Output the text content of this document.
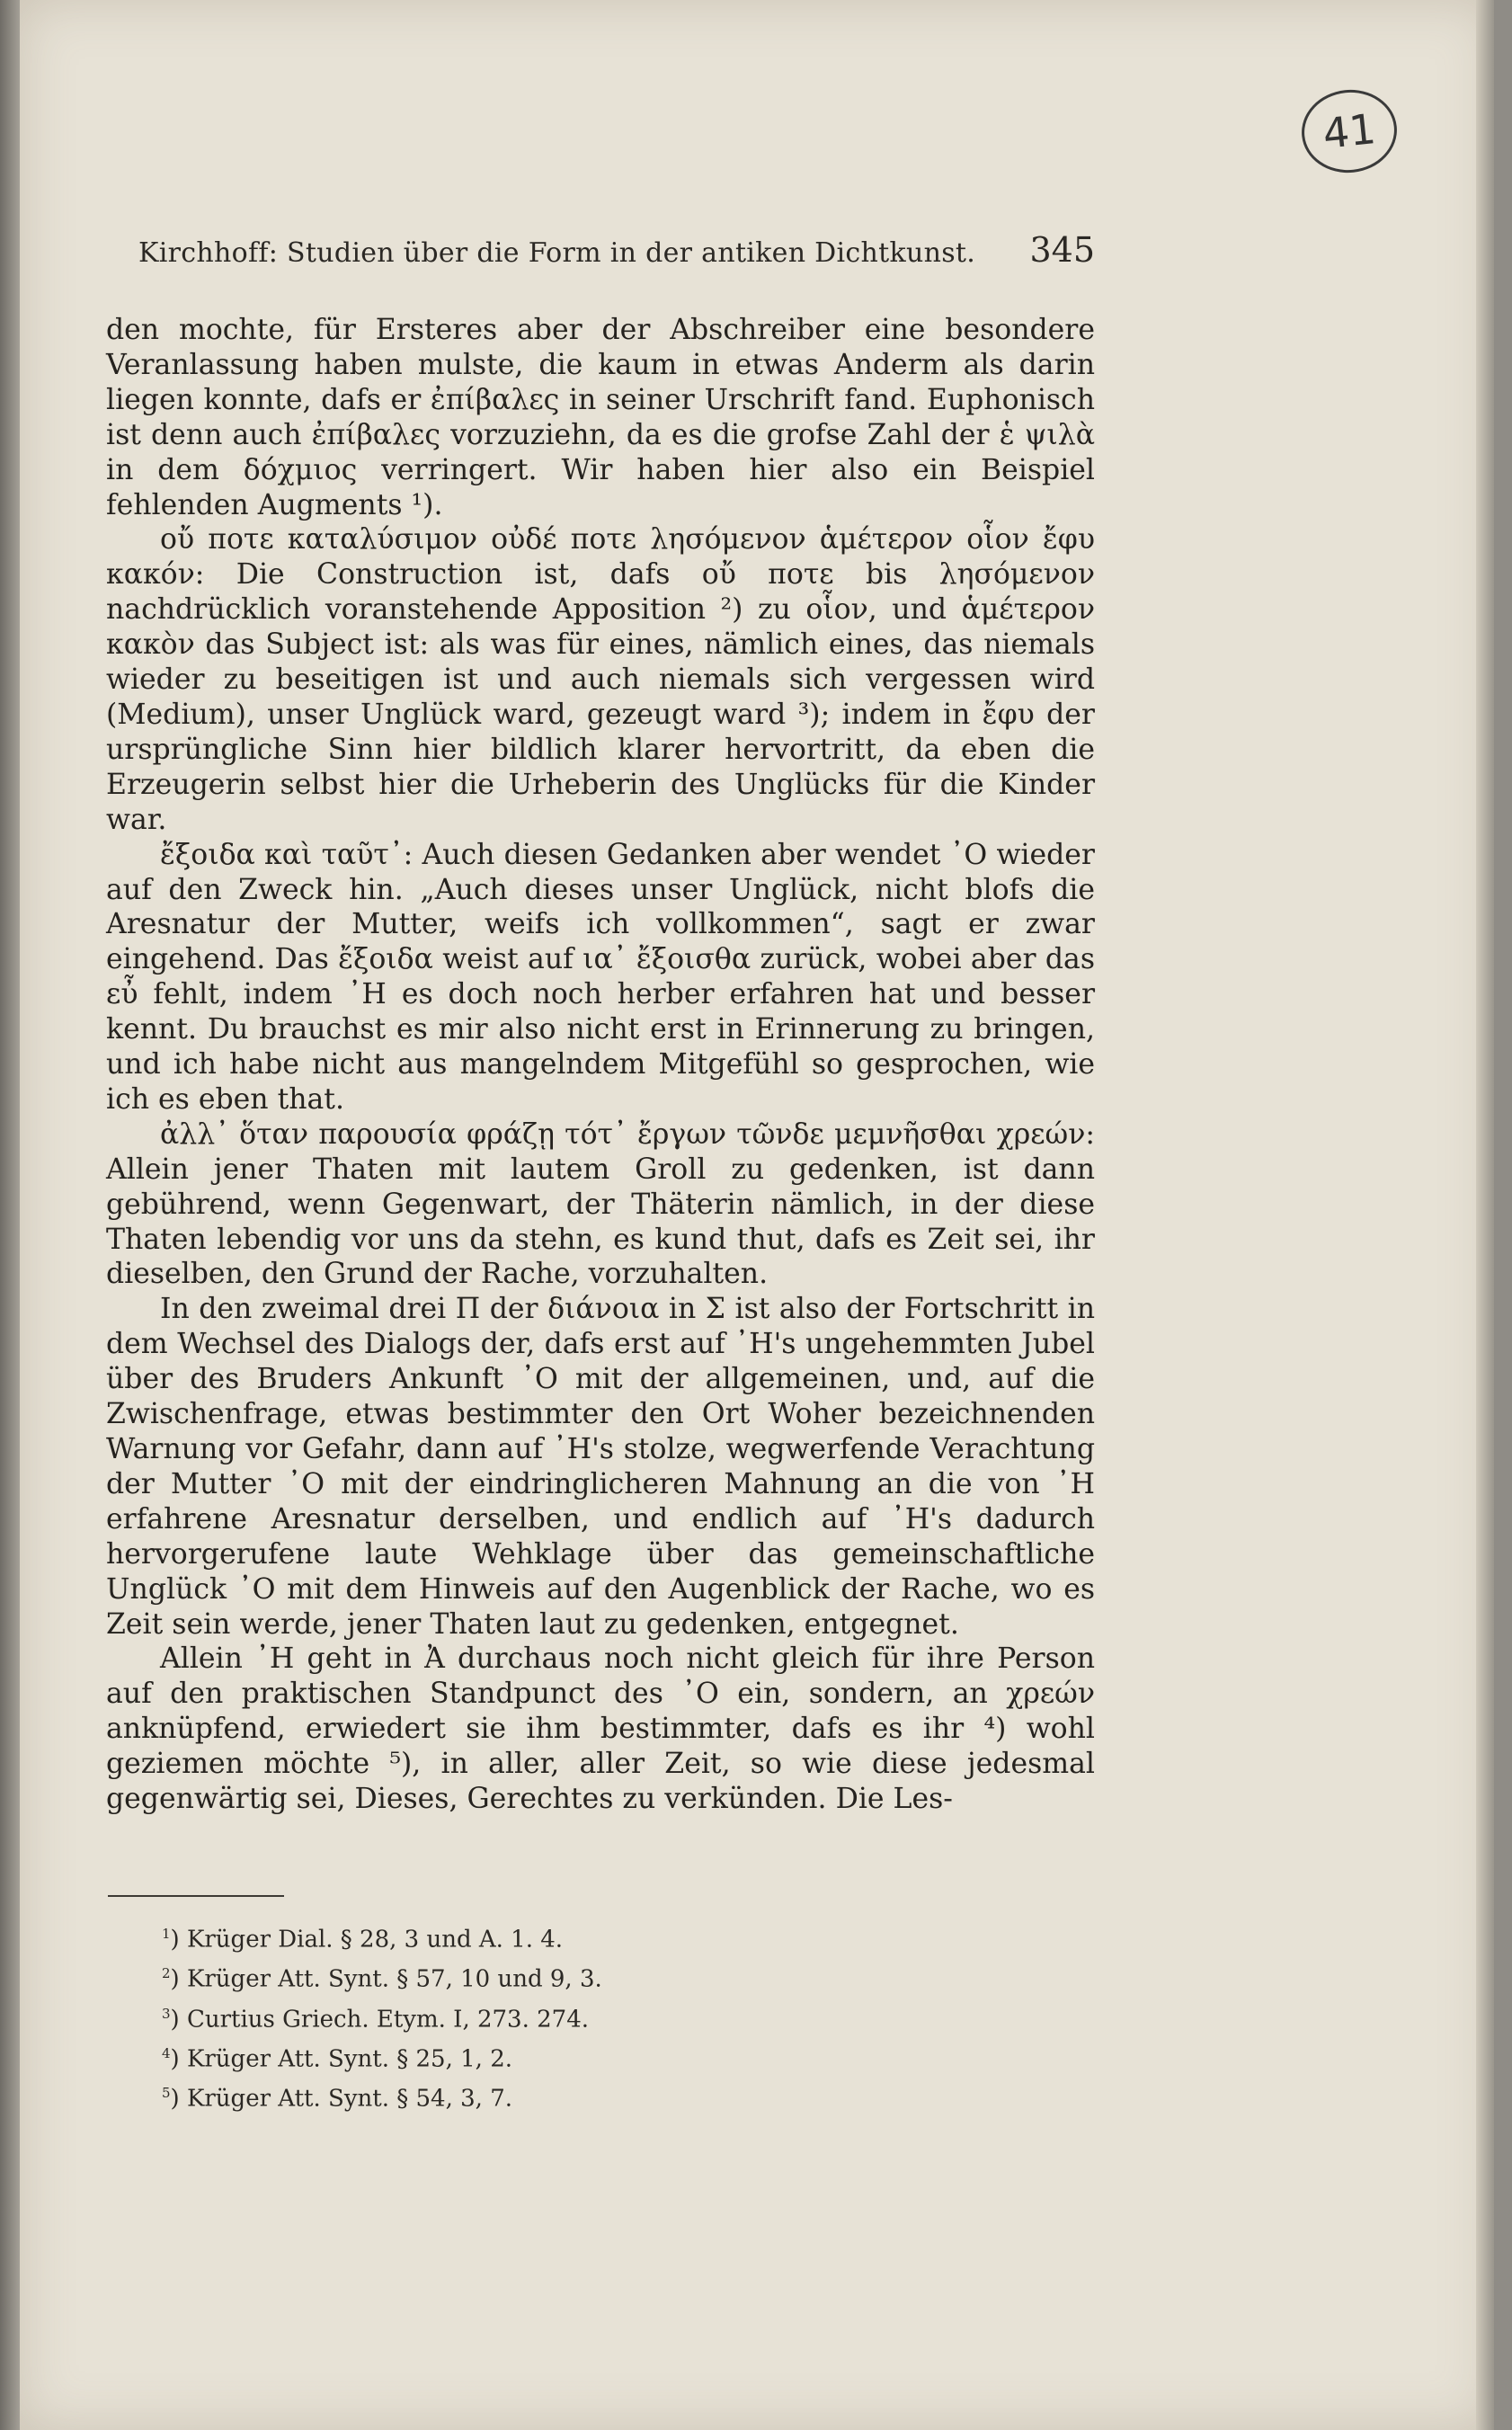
41
Kirchhoff: Studien über die Form in der antiken Dichtkunst. 345

den mochte, für Ersteres aber der Abschreiber eine besondere Veranlassung haben mulste, die kaum in etwas Anderm als darin liegen konnte, dafs er ἐπίβαλες in seiner Urschrift fand. Euphonisch ist denn auch ἐπίβαλες vorzuziehn, da es die grofse Zahl der ἑ ψιλὰ in dem δόχμιος verringert. Wir haben hier also ein Beispiel fehlenden Augments ¹).

οὔ ποτε καταλύσιμον οὐδέ ποτε λησόμενον ἁμέτερον οἷον ἔφυ κακόν: Die Construction ist, dafs οὔ ποτε bis λησόμενον nachdrücklich voranstehende Apposition ²) zu οἷον, und ἁμέτερον κακὸν das Subject ist: als was für eines, nämlich eines, das niemals wieder zu beseitigen ist und auch niemals sich vergessen wird (Medium), unser Unglück ward, gezeugt ward ³); indem in ἔφυ der ursprüngliche Sinn hier bildlich klarer hervortritt, da eben die Erzeugerin selbst hier die Urheberin des Unglücks für die Kinder war.

ἔξοιδα καὶ ταῦτ᾽: Auch diesen Gedanken aber wendet ᾿Ο wieder auf den Zweck hin. „Auch dieses unser Unglück, nicht blofs die Aresnatur der Mutter, weifs ich vollkommen“, sagt er zwar eingehend. Das ἔξοιδα weist auf ια᾽ ἔξοισθα zurück, wobei aber das εὖ fehlt, indem ᾿Η es doch noch herber erfahren hat und besser kennt. Du brauchst es mir also nicht erst in Erinnerung zu bringen, und ich habe nicht aus mangelndem Mitgefühl so gesprochen, wie ich es eben that.

ἀλλ᾽ ὅταν παρουσία φράζῃ τότ᾽ ἔργων τῶνδε μεμνῆσθαι χρεών: Allein jener Thaten mit lautem Groll zu gedenken, ist dann gebührend, wenn Gegenwart, der Thäterin nämlich, in der diese Thaten lebendig vor uns da stehn, es kund thut, dafs es Zeit sei, ihr dieselben, den Grund der Rache, vorzuhalten.

In den zweimal drei Π der διάνοια in Σ ist also der Fortschritt in dem Wechsel des Dialogs der, dafs erst auf ᾿Η's ungehemmten Jubel über des Bruders Ankunft ᾿Ο mit der allgemeinen, und, auf die Zwischenfrage, etwas bestimmter den Ort Woher bezeichnenden Warnung vor Gefahr, dann auf ᾿Η's stolze, wegwerfende Verachtung der Mutter ᾿Ο mit der eindringlicheren Mahnung an die von ᾿Η erfahrene Aresnatur derselben, und endlich auf ᾿Η's dadurch hervorgerufene laute Wehklage über das gemeinschaftliche Unglück ᾿Ο mit dem Hinweis auf den Augenblick der Rache, wo es Zeit sein werde, jener Thaten laut zu gedenken, entgegnet.

Allein ᾿Η geht in Ἀ durchaus noch nicht gleich für ihre Person auf den praktischen Standpunct des ᾿Ο ein, sondern, an χρεών anknüpfend, erwiedert sie ihm bestimmter, dafs es ihr ⁴) wohl geziemen möchte ⁵), in aller, aller Zeit, so wie diese jedesmal gegenwärtig sei, Dieses, Gerechtes zu verkünden. Die Les-

$^1$) Krüger Dial. § 28, 3 und A. 1. 4.
$^2$) Krüger Att. Synt. § 57, 10 und 9, 3.
$^3$) Curtius Griech. Etym. I, 273. 274.
$^4$) Krüger Att. Synt. § 25, 1, 2.
$^5$) Krüger Att. Synt. § 54, 3, 7.
